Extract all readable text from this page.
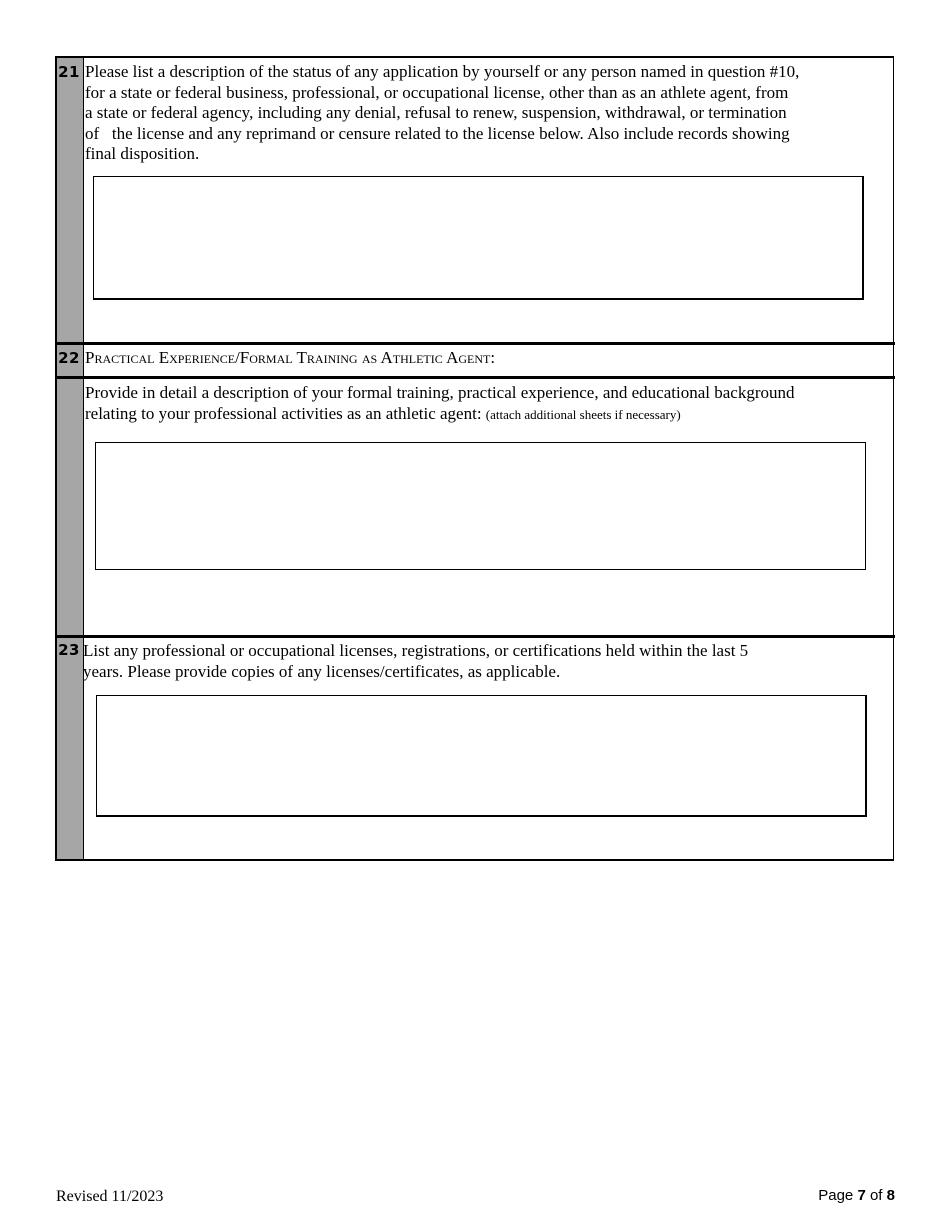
21 Please list a description of the status of any application by yourself or any person named in question #10,
for a state or federal business, professional, or occupational license, other than as an athlete agent, from
a state or federal agency, including any denial, refusal to renew, suspension, withdrawal, or termination
of   the license and any reprimand or censure related to the license below. Also include records showing
final disposition.
22 Practical Experience/Formal Training as Athletic Agent:
Provide in detail a description of your formal training, practical experience, and educational background
relating to your professional activities as an athletic agent: (attach additional sheets if necessary)
23 List any professional or occupational licenses, registrations, or certifications held within the last 5
years. Please provide copies of any licenses/certificates, as applicable.
Revised 11/2023	Page 7 of 8
